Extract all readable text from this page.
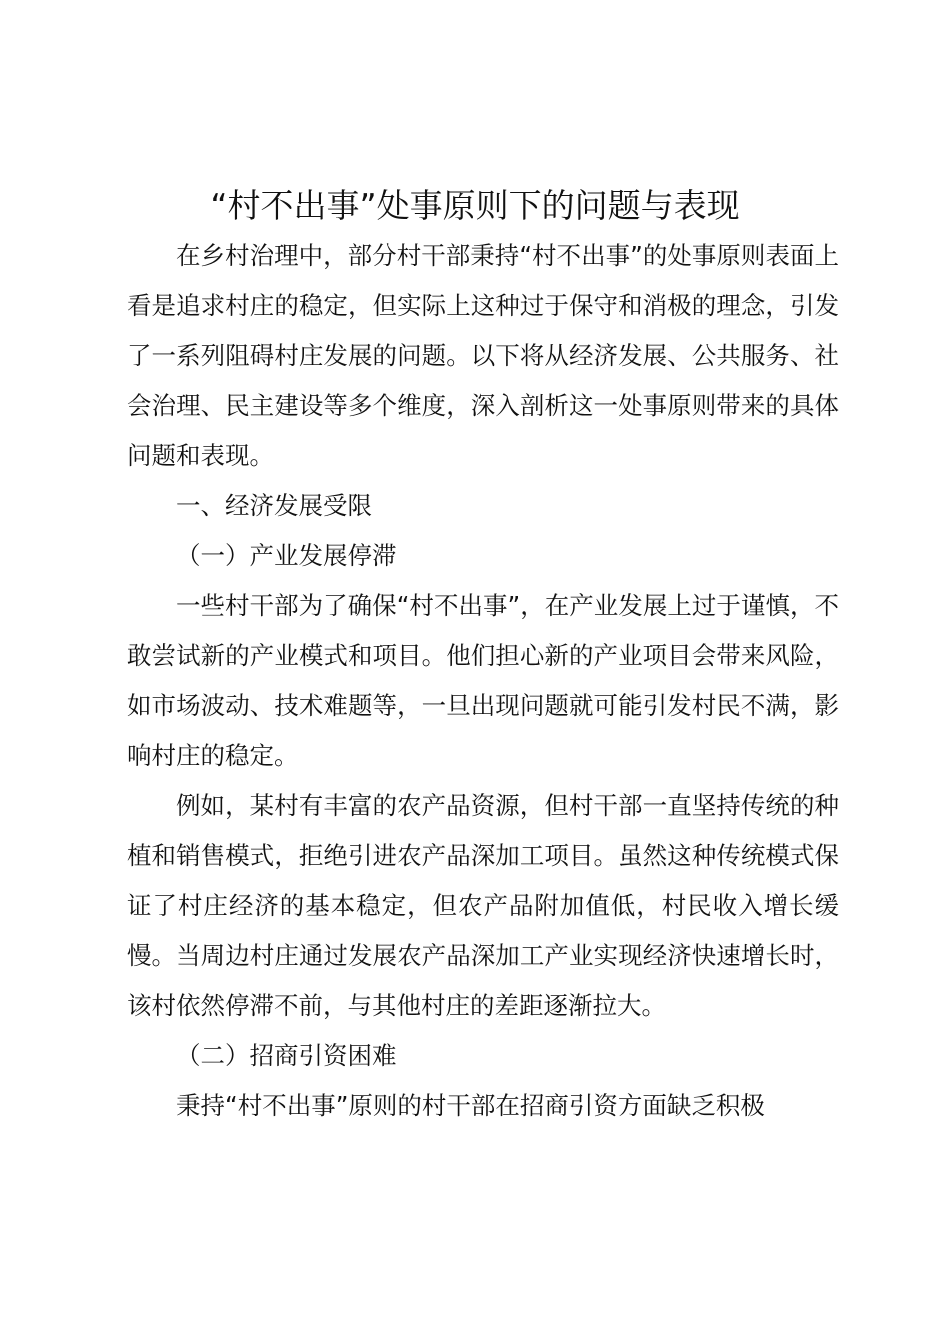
“村不出事”处事原则下的问题与表现

在乡村治理中，部分村干部秉持“村不出事”的处事原则表面上看是追求村庄的稳定，但实际上这种过于保守和消极的理念，引发了一系列阻碍村庄发展的问题。以下将从经济发展、公共服务、社会治理、民主建设等多个维度，深入剖析这一处事原则带来的具体问题和表现。

一、经济发展受限

（一）产业发展停滞

一些村干部为了确保“村不出事”，在产业发展上过于谨慎，不敢尝试新的产业模式和项目。他们担心新的产业项目会带来风险，如市场波动、技术难题等，一旦出现问题就可能引发村民不满，影响村庄的稳定。

例如，某村有丰富的农产品资源，但村干部一直坚持传统的种植和销售模式，拒绝引进农产品深加工项目。虽然这种传统模式保证了村庄经济的基本稳定，但农产品附加值低，村民收入增长缓慢。当周边村庄通过发展农产品深加工产业实现经济快速增长时，该村依然停滞不前，与其他村庄的差距逐渐拉大。

（二）招商引资困难

秉持“村不出事”原则的村干部在招商引资方面缺乏积极
